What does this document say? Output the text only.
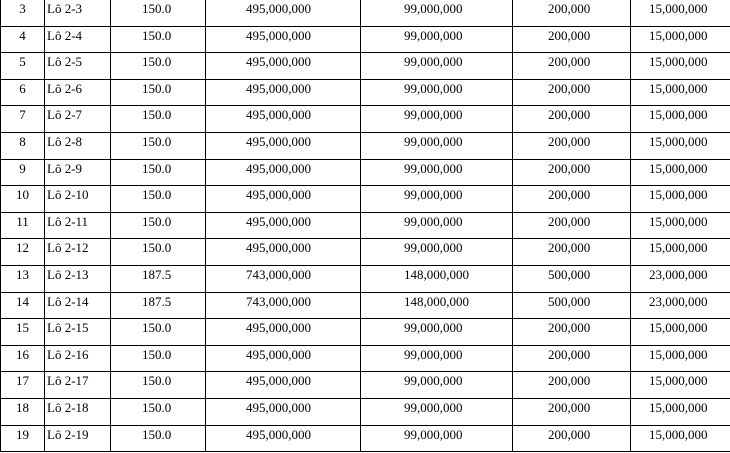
3	Lô 2-3	150.0	495,000,000	99,000,000	200,000	15,000,000
4	Lô 2-4	150.0	495,000,000	99,000,000	200,000	15,000,000
5	Lô 2-5	150.0	495,000,000	99,000,000	200,000	15,000,000
6	Lô 2-6	150.0	495,000,000	99,000,000	200,000	15,000,000
7	Lô 2-7	150.0	495,000,000	99,000,000	200,000	15,000,000
8	Lô 2-8	150.0	495,000,000	99,000,000	200,000	15,000,000
9	Lô 2-9	150.0	495,000,000	99,000,000	200,000	15,000,000
10	Lô 2-10	150.0	495,000,000	99,000,000	200,000	15,000,000
11	Lô 2-11	150.0	495,000,000	99,000,000	200,000	15,000,000
12	Lô 2-12	150.0	495,000,000	99,000,000	200,000	15,000,000
13	Lô 2-13	187.5	743,000,000	148,000,000	500,000	23,000,000
14	Lô 2-14	187.5	743,000,000	148,000,000	500,000	23,000,000
15	Lô 2-15	150.0	495,000,000	99,000,000	200,000	15,000,000
16	Lô 2-16	150.0	495,000,000	99,000,000	200,000	15,000,000
17	Lô 2-17	150.0	495,000,000	99,000,000	200,000	15,000,000
18	Lô 2-18	150.0	495,000,000	99,000,000	200,000	15,000,000
19	Lô 2-19	150.0	495,000,000	99,000,000	200,000	15,000,000
